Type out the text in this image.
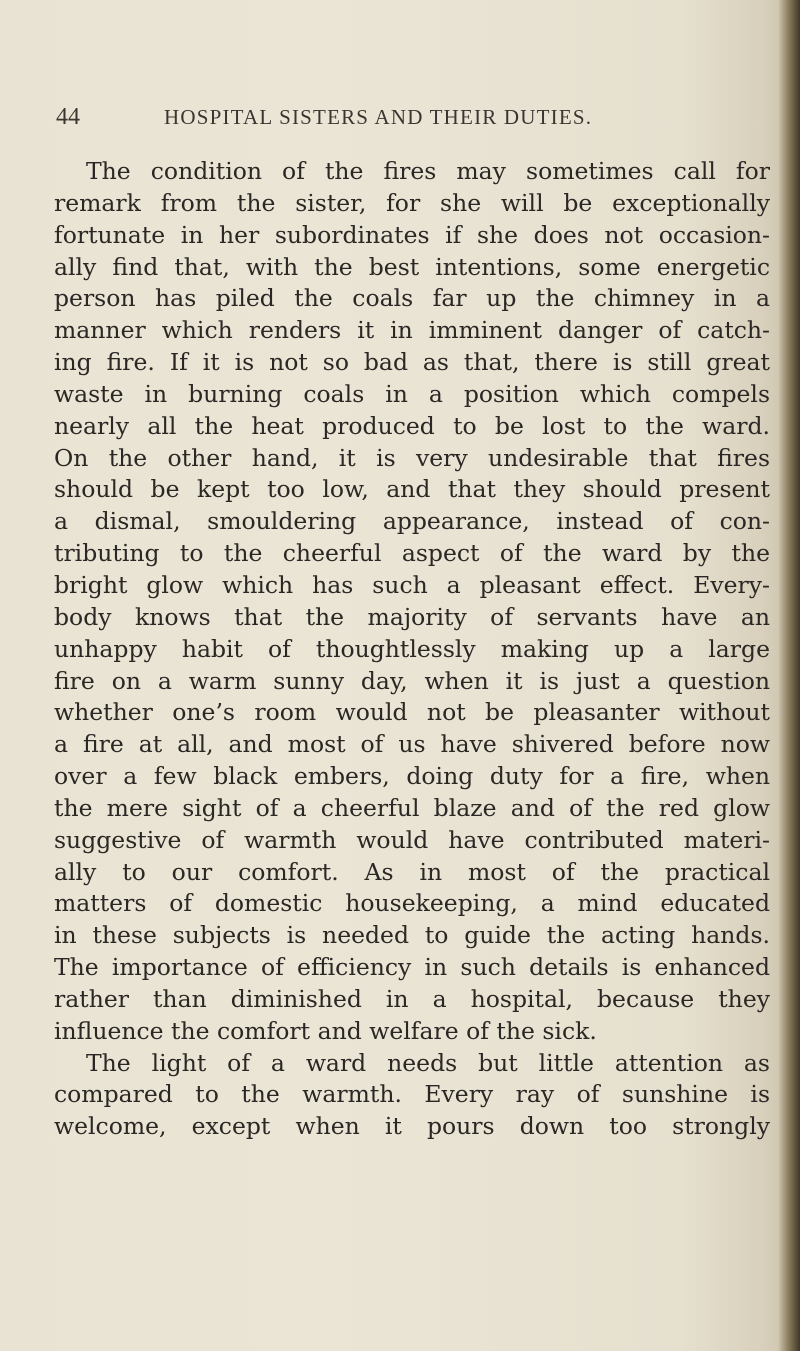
44	HOSPITAL SISTERS AND THEIR DUTIES.
The condition of the fires may sometimes call for
remark from the sister, for she will be exceptionally
fortunate in her subordinates if she does not occasion-
ally find that, with the best intentions, some energetic
person has piled the coals far up the chimney in a
manner which renders it in imminent danger of catch-
ing fire. If it is not so bad as that, there is still great
waste in burning coals in a position which compels
nearly all the heat produced to be lost to the ward.
On the other hand, it is very undesirable that fires
should be kept too low, and that they should present
a dismal, smouldering appearance, instead of con-
tributing to the cheerful aspect of the ward by the
bright glow which has such a pleasant effect. Every-
body knows that the majority of servants have an
unhappy habit of thoughtlessly making up a large
fire on a warm sunny day, when it is just a question
whether one’s room would not be pleasanter without
a fire at all, and most of us have shivered before now
over a few black embers, doing duty for a fire, when
the mere sight of a cheerful blaze and of the red glow
suggestive of warmth would have contributed materi-
ally to our comfort. As in most of the practical
matters of domestic housekeeping, a mind educated
in these subjects is needed to guide the acting hands.
The importance of efficiency in such details is enhanced
rather than diminished in a hospital, because they
influence the comfort and welfare of the sick.
The light of a ward needs but little attention as
compared to the warmth. Every ray of sunshine is
welcome, except when it pours down too strongly
